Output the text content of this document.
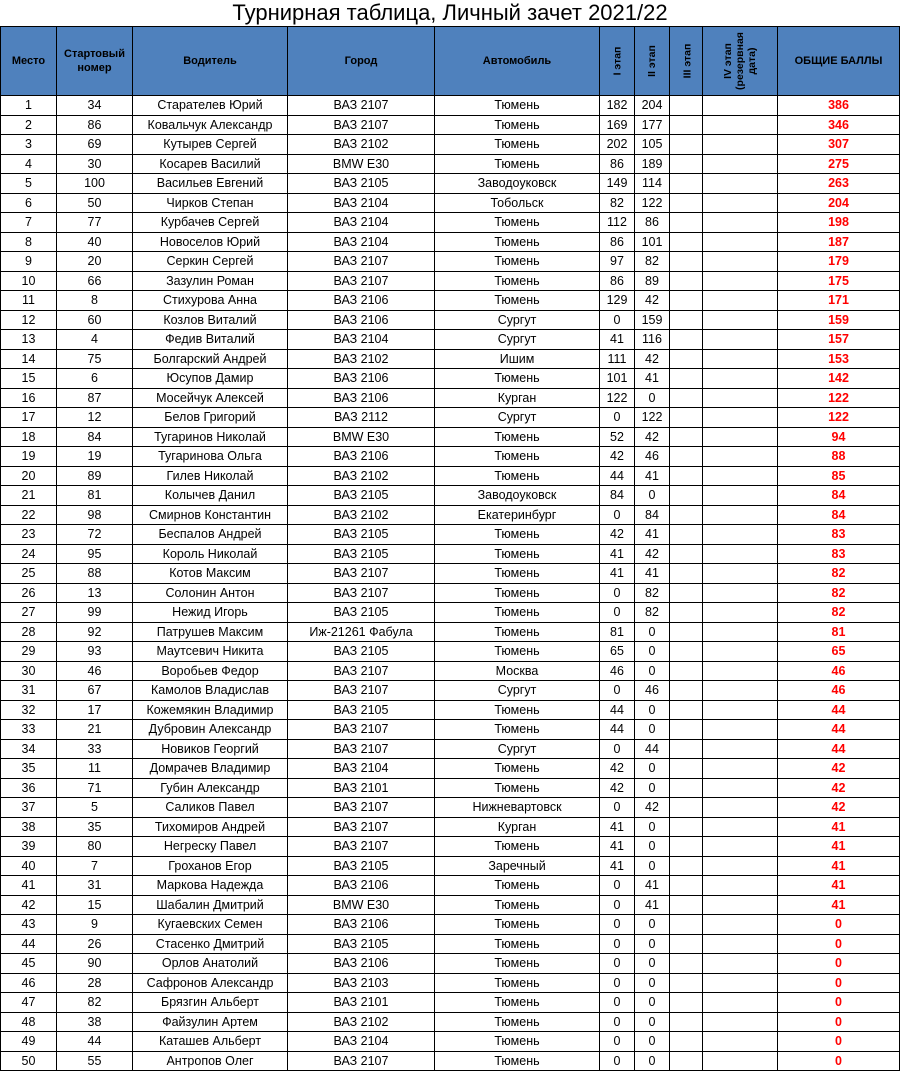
Турнирная таблица, Личный зачет 2021/22
Место	Стартовый номер	Водитель	Город	Автомобиль	I этап	II этап	III этап	IV этап (резервная дата)	ОБЩИЕ БАЛЛЫ
1	34	Старателев Юрий	ВАЗ 2107	Тюмень	182	204			386
2	86	Ковальчук Александр	ВАЗ 2107	Тюмень	169	177			346
3	69	Кутырев Сергей	ВАЗ 2102	Тюмень	202	105			307
4	30	Косарев Василий	BMW E30	Тюмень	86	189			275
5	100	Васильев Евгений	ВАЗ 2105	Заводоуковск	149	114			263
6	50	Чирков Степан	ВАЗ 2104	Тобольск	82	122			204
7	77	Курбачев Сергей	ВАЗ 2104	Тюмень	112	86			198
8	40	Новоселов Юрий	ВАЗ 2104	Тюмень	86	101			187
9	20	Серкин Сергей	ВАЗ 2107	Тюмень	97	82			179
10	66	Зазулин Роман	ВАЗ 2107	Тюмень	86	89			175
11	8	Стихурова Анна	ВАЗ 2106	Тюмень	129	42			171
12	60	Козлов Виталий	ВАЗ 2106	Сургут	0	159			159
13	4	Федив Виталий	ВАЗ 2104	Сургут	41	116			157
14	75	Болгарский Андрей	ВАЗ 2102	Ишим	111	42			153
15	6	Юсупов Дамир	ВАЗ 2106	Тюмень	101	41			142
16	87	Мосейчук Алексей	ВАЗ 2106	Курган	122	0			122
17	12	Белов Григорий	ВАЗ 2112	Сургут	0	122			122
18	84	Тугаринов Николай	BMW E30	Тюмень	52	42			94
19	19	Тугаринова Ольга	ВАЗ 2106	Тюмень	42	46			88
20	89	Гилев Николай	ВАЗ 2102	Тюмень	44	41			85
21	81	Колычев Данил	ВАЗ 2105	Заводоуковск	84	0			84
22	98	Смирнов Константин	ВАЗ 2102	Екатеринбург	0	84			84
23	72	Беспалов Андрей	ВАЗ 2105	Тюмень	42	41			83
24	95	Король Николай	ВАЗ 2105	Тюмень	41	42			83
25	88	Котов Максим	ВАЗ 2107	Тюмень	41	41			82
26	13	Солонин Антон	ВАЗ 2107	Тюмень	0	82			82
27	99	Нежид Игорь	ВАЗ 2105	Тюмень	0	82			82
28	92	Патрушев Максим	Иж-21261 Фабула	Тюмень	81	0			81
29	93	Маутсевич Никита	ВАЗ 2105	Тюмень	65	0			65
30	46	Воробьев Федор	ВАЗ 2107	Москва	46	0			46
31	67	Камолов Владислав	ВАЗ 2107	Сургут	0	46			46
32	17	Кожемякин Владимир	ВАЗ 2105	Тюмень	44	0			44
33	21	Дубровин Александр	ВАЗ 2107	Тюмень	44	0			44
34	33	Новиков Георгий	ВАЗ 2107	Сургут	0	44			44
35	11	Домрачев Владимир	ВАЗ 2104	Тюмень	42	0			42
36	71	Губин Александр	ВАЗ 2101	Тюмень	42	0			42
37	5	Саликов Павел	ВАЗ 2107	Нижневартовск	0	42			42
38	35	Тихомиров Андрей	ВАЗ 2107	Курган	41	0			41
39	80	Негреску Павел	ВАЗ 2107	Тюмень	41	0			41
40	7	Гроханов Егор	ВАЗ 2105	Заречный	41	0			41
41	31	Маркова Надежда	ВАЗ 2106	Тюмень	0	41			41
42	15	Шабалин Дмитрий	BMW E30	Тюмень	0	41			41
43	9	Кугаевских Семен	ВАЗ 2106	Тюмень	0	0			0
44	26	Стасенко Дмитрий	ВАЗ 2105	Тюмень	0	0			0
45	90	Орлов Анатолий	ВАЗ 2106	Тюмень	0	0			0
46	28	Сафронов Александр	ВАЗ 2103	Тюмень	0	0			0
47	82	Брязгин Альберт	ВАЗ 2101	Тюмень	0	0			0
48	38	Файзулин Артем	ВАЗ 2102	Тюмень	0	0			0
49	44	Каташев Альберт	ВАЗ 2104	Тюмень	0	0			0
50	55	Антропов Олег	ВАЗ 2107	Тюмень	0	0			0
